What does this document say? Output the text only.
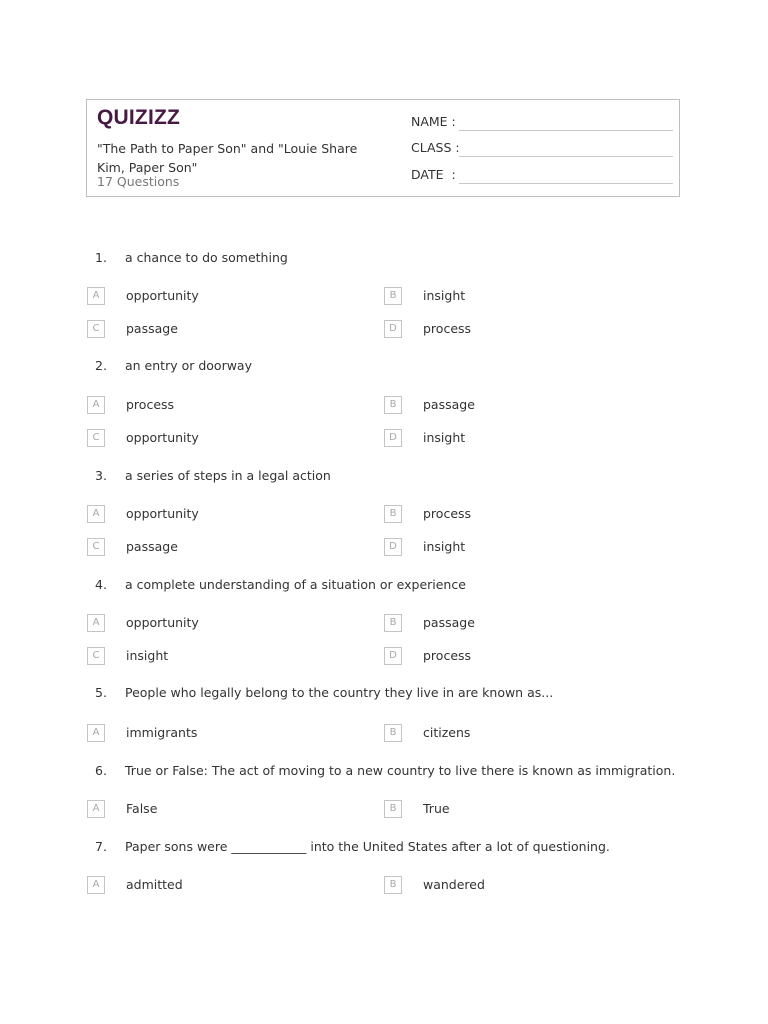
QUIZIZZ
"The Path to Paper Son" and "Louie Share Kim, Paper Son"
17 Questions
NAME :
CLASS :
DATE  :
1. a chance to do something
A	opportunity	B	insight
C	passage	D	process
2. an entry or doorway
A	process	B	passage
C	opportunity	D	insight
3. a series of steps in a legal action
A	opportunity	B	process
C	passage	D	insight
4. a complete understanding of a situation or experience
A	opportunity	B	passage
C	insight	D	process
5. People who legally belong to the country they live in are known as...
A	immigrants	B	citizens
6. True or False: The act of moving to a new country to live there is known as immigration.
A	False	B	True
7. Paper sons were ____________ into the United States after a lot of questioning.
A	admitted	B	wandered
